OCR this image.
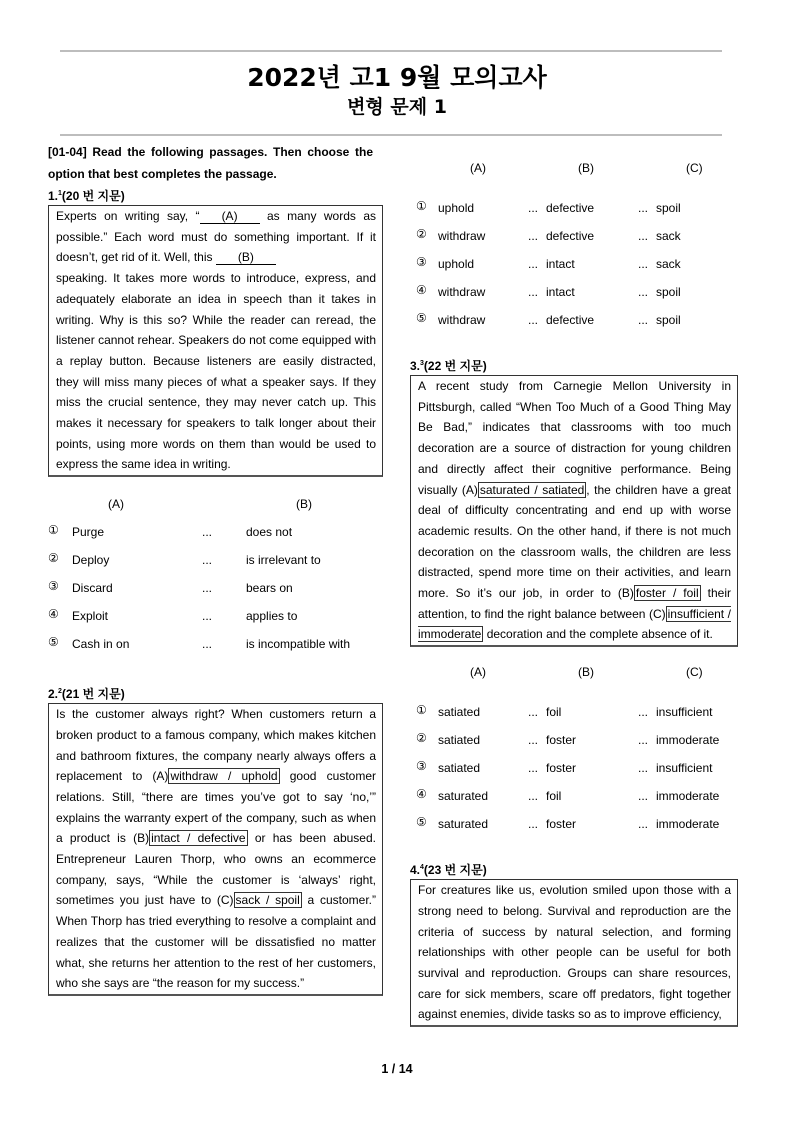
2022년 고1 9월 모의고사
변형 문제 1
[01-04] Read the following passages. Then choose the option that best completes the passage.
1.$^1$(20 번 지문)
Experts on writing say, “ (A) as many words as possible.” Each word must do something important. If it doesn’t, get rid of it. Well, this (B)
speaking. It takes more words to introduce, express, and adequately elaborate an idea in speech than it takes in writing. Why is this so? While the reader can reread, the listener cannot rehear. Speakers do not come equipped with a replay button. Because listeners are easily distracted, they will miss many pieces of what a speaker says. If they miss the crucial sentence, they may never catch up. This makes it necessary for speakers to talk longer about their points, using more words on them than would be used to express the same idea in writing.
(A)	(B)
① Purge	...	does not
② Deploy	...	is irrelevant to
③ Discard	...	bears on
④ Exploit	...	applies to
⑤ Cash in on	...	is incompatible with
2.$^2$(21 번 지문)
Is the customer always right? When customers return a broken product to a famous company, which makes kitchen and bathroom fixtures, the company nearly always offers a replacement to (A) withdraw / uphold good customer relations. Still, “there are times you’ve got to say ‘no,’” explains the warranty expert of the company, such as when a product is (B) intact / defective or has been abused. Entrepreneur Lauren Thorp, who owns an ecommerce company, says, “While the customer is ‘always’ right, sometimes you just have to (C) sack / spoil a customer.” When Thorp has tried everything to resolve a complaint and realizes that the customer will be dissatisfied no matter what, she returns her attention to the rest of her customers, who she says are “the reason for my success.”
(A)	(B)	(C)
① uphold	... defective	... spoil
② withdraw	... defective	... sack
③ uphold	... intact	... sack
④ withdraw	... intact	... spoil
⑤ withdraw	... defective	... spoil
3.$^3$(22 번 지문)
A recent study from Carnegie Mellon University in Pittsburgh, called “When Too Much of a Good Thing May Be Bad,” indicates that classrooms with too much decoration are a source of distraction for young children and directly affect their cognitive performance. Being visually (A) saturated / satiated , the children have a great deal of difficulty concentrating and end up with worse academic results. On the other hand, if there is not much decoration on the classroom walls, the children are less distracted, spend more time on their activities, and learn more. So it’s our job, in order to (B) foster / foil their attention, to find the right balance between (C) insufficient / immoderate decoration and the complete absence of it.
(A)	(B)	(C)
① satiated	... foil	... insufficient
② satiated	... foster	... immoderate
③ satiated	... foster	... insufficient
④ saturated	... foil	... immoderate
⑤ saturated	... foster	... immoderate
4.$^4$(23 번 지문)
For creatures like us, evolution smiled upon those with a strong need to belong. Survival and reproduction are the criteria of success by natural selection, and forming relationships with other people can be useful for both survival and reproduction. Groups can share resources, care for sick members, scare off predators, fight together against enemies, divide tasks so as to improve efficiency,
1 / 14
